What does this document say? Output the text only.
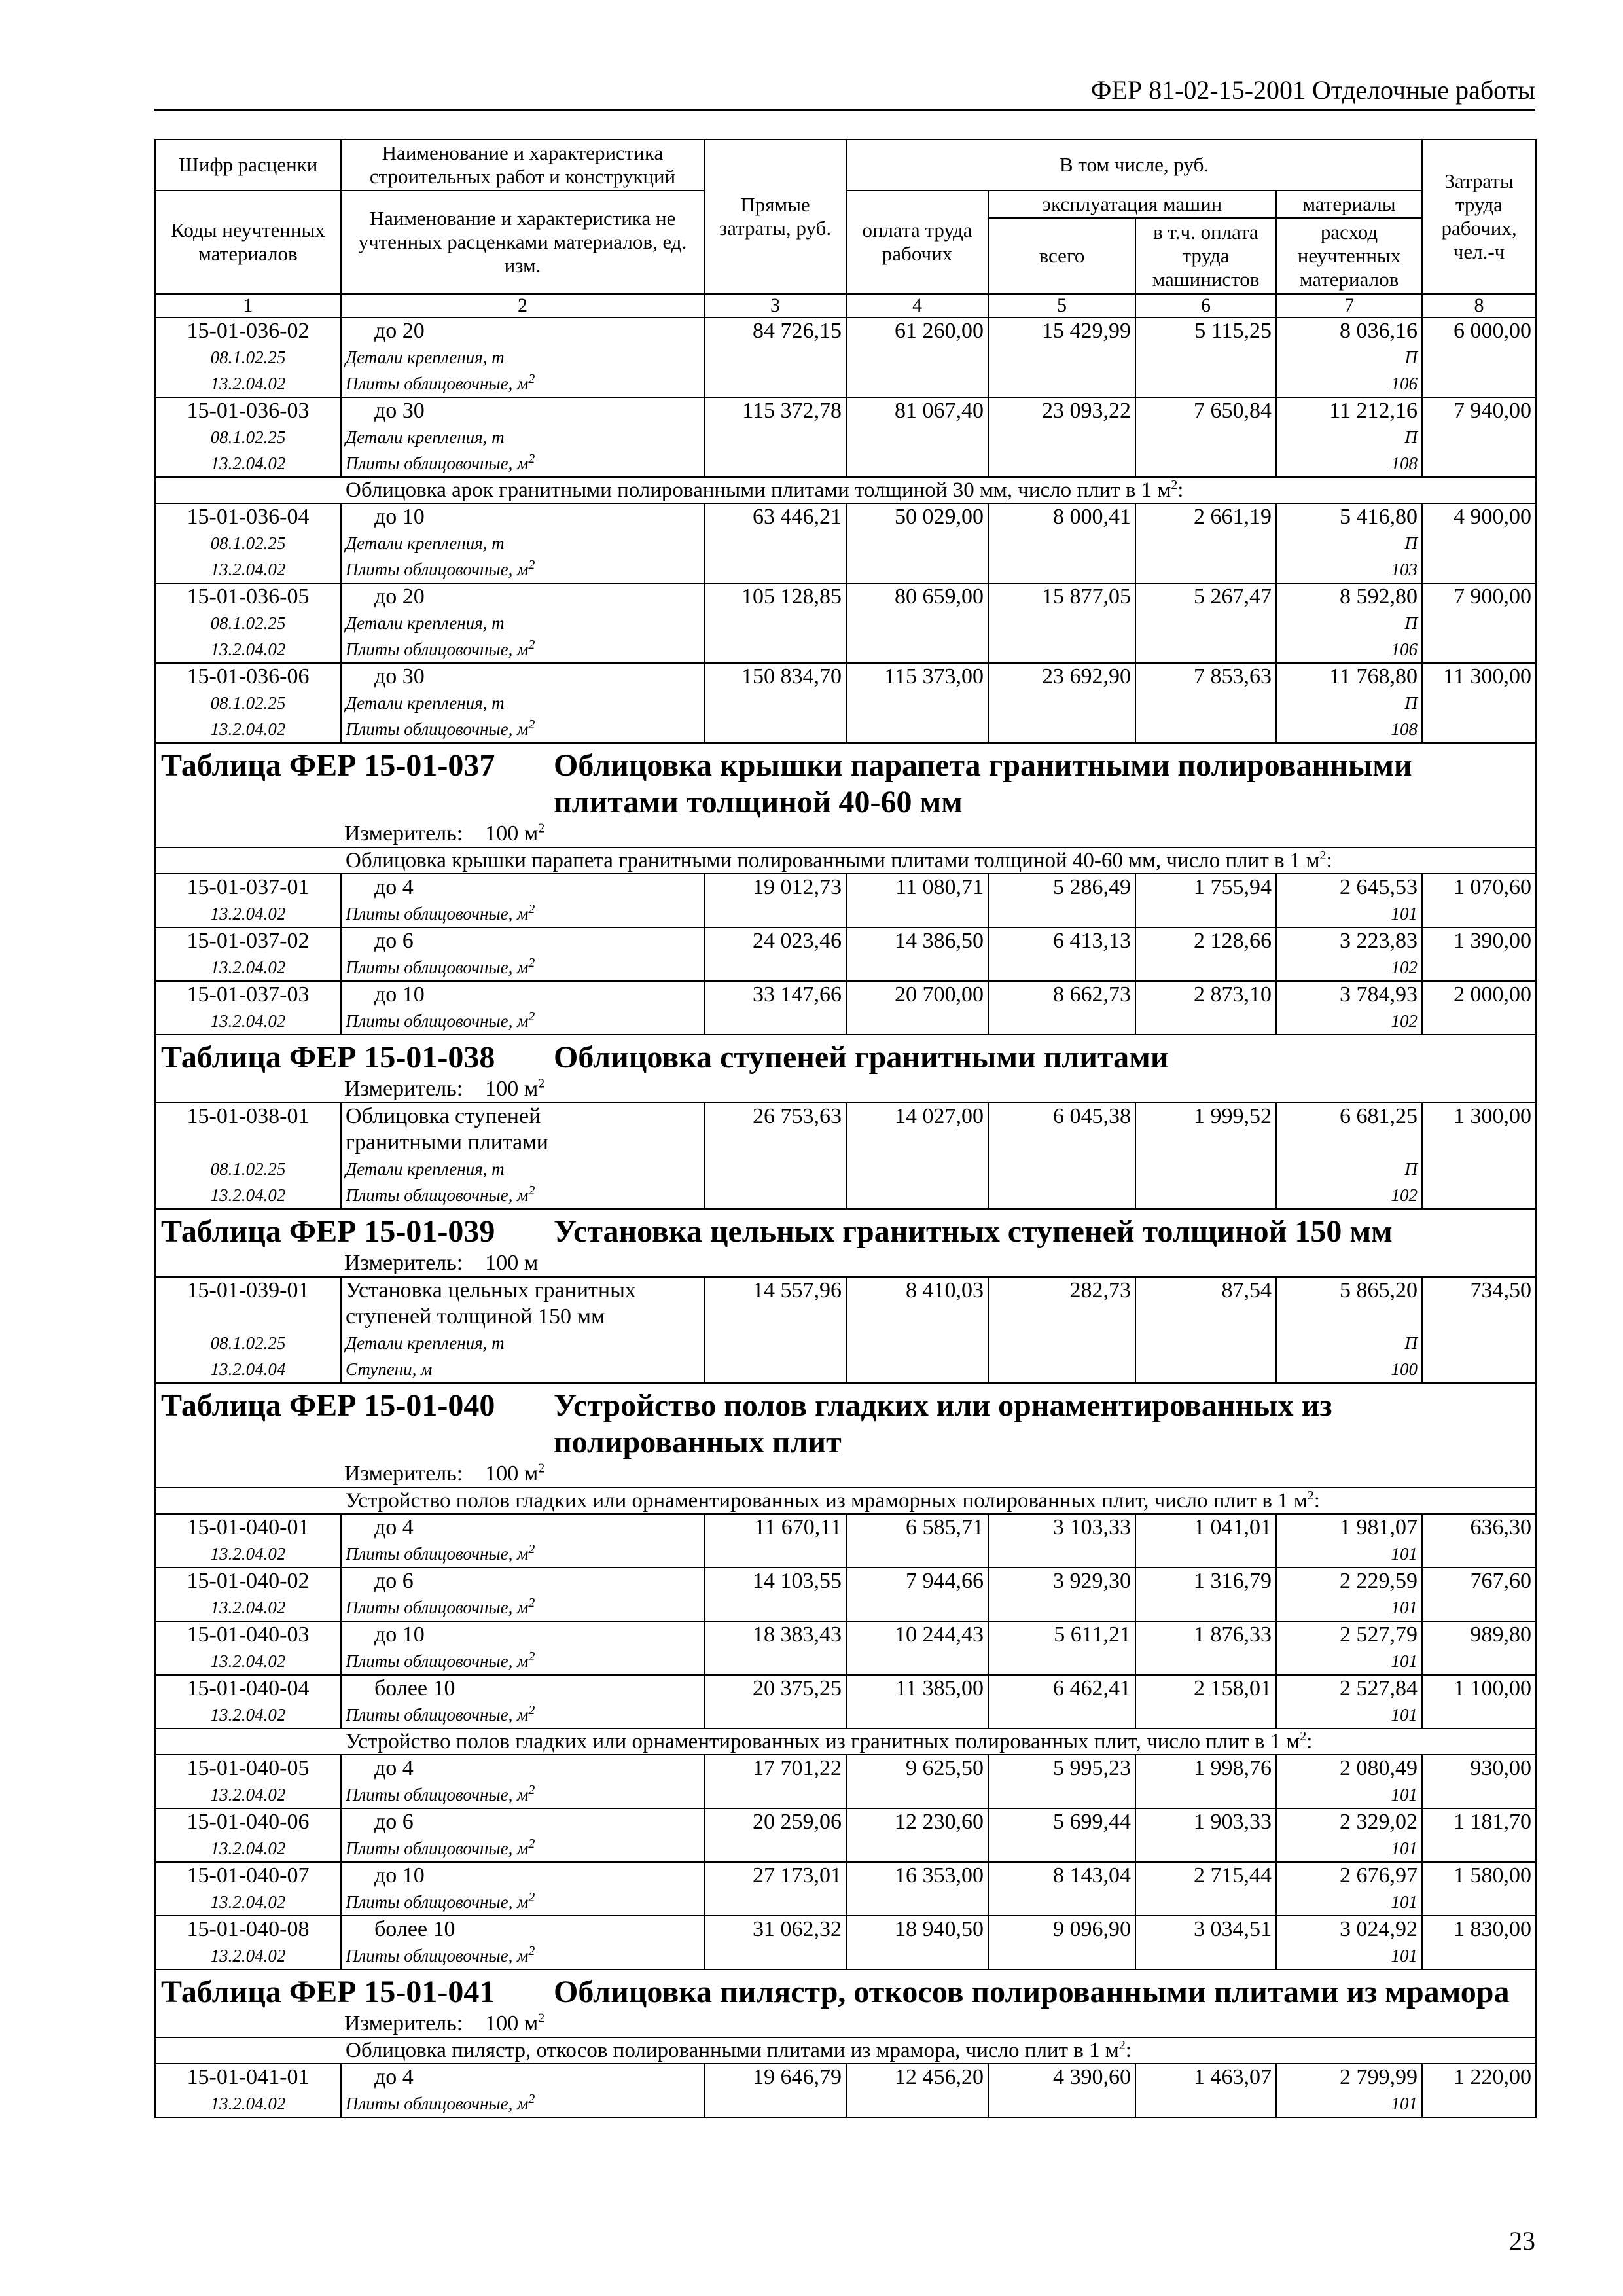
ФЕР 81-02-15-2001 Отделочные работы
Шифр расценки	Наименование и характеристика строительных работ и конструкций	Прямые затраты, руб.	В том числе, руб.				Затраты труда рабочих, чел.-ч
Коды неучтенных материалов	Наименование и характеристика не учтенных расценками материалов, ед. изм.		оплата труда рабочих	эксплуатация машин		материалы	
				всего	в т.ч. оплата труда машинистов	расход неучтенных материалов	
1	2	3	4	5	6	7	8
15-01-036-02	до 20	84 726,15	61 260,00	15 429,99	5 115,25	8 036,16	6 000,00
08.1.02.25	Детали крепления, т					П	
13.2.04.02	Плиты облицовочные, $м^2$					106	
15-01-036-03	до 30	115 372,78	81 067,40	23 093,22	7 650,84	11 212,16	7 940,00
08.1.02.25	Детали крепления, т					П	
13.2.04.02	Плиты облицовочные, $м^2$					108	
Облицовка арок гранитными полированными плитами толщиной 30 мм, число плит в 1 $м^2$:							
15-01-036-04	до 10	63 446,21	50 029,00	8 000,41	2 661,19	5 416,80	4 900,00
08.1.02.25	Детали крепления, т					П	
13.2.04.02	Плиты облицовочные, $м^2$					103	
15-01-036-05	до 20	105 128,85	80 659,00	15 877,05	5 267,47	8 592,80	7 900,00
08.1.02.25	Детали крепления, т					П	
13.2.04.02	Плиты облицовочные, $м^2$					106	
15-01-036-06	до 30	150 834,70	115 373,00	23 692,90	7 853,63	11 768,80	11 300,00
08.1.02.25	Детали крепления, т					П	
13.2.04.02	Плиты облицовочные, $м^2$					108	

Таблица ФЕР 15-01-037 Облицовка крышки парапета гранитными полированными плитами толщиной 40-60 мм
Измеритель: 100 $м^2$

Облицовка крышки парапета гранитными полированными плитами толщиной 40-60 мм, число плит в 1 $м^2$:							
15-01-037-01	до 4	19 012,73	11 080,71	5 286,49	1 755,94	2 645,53	1 070,60
13.2.04.02	Плиты облицовочные, $м^2$					101	
15-01-037-02	до 6	24 023,46	14 386,50	6 413,13	2 128,66	3 223,83	1 390,00
13.2.04.02	Плиты облицовочные, $м^2$					102	
15-01-037-03	до 10	33 147,66	20 700,00	8 662,73	2 873,10	3 784,93	2 000,00
13.2.04.02	Плиты облицовочные, $м^2$					102	

Таблица ФЕР 15-01-038 Облицовка ступеней гранитными плитами
Измеритель: 100 $м^2$

15-01-038-01	Облицовка ступеней	26 753,63	14 027,00	6 045,38	1 999,52	6 681,25	1 300,00
	гранитными плитами						
08.1.02.25	Детали крепления, т					П	
13.2.04.02	Плиты облицовочные, $м^2$					102	

Таблица ФЕР 15-01-039 Установка цельных гранитных ступеней толщиной 150 мм
Измеритель: 100 м							

15-01-039-01	Установка цельных гранитных	14 557,96	8 410,03	282,73	87,54	5 865,20	734,50
	ступеней толщиной 150 мм						
08.1.02.25	Детали крепления, т					П	
13.2.04.04	Ступени, м					100	

Таблица ФЕР 15-01-040 Устройство полов гладких или орнаментированных из полированных плит
Измеритель: 100 $м^2$

Устройство полов гладких или орнаментированных из мраморных полированных плит, число плит в 1 $м^2$:							
15-01-040-01	до 4	11 670,11	6 585,71	3 103,33	1 041,01	1 981,07	636,30
13.2.04.02	Плиты облицовочные, $м^2$					101	
15-01-040-02	до 6	14 103,55	7 944,66	3 929,30	1 316,79	2 229,59	767,60
13.2.04.02	Плиты облицовочные, $м^2$					101	
15-01-040-03	до 10	18 383,43	10 244,43	5 611,21	1 876,33	2 527,79	989,80
13.2.04.02	Плиты облицовочные, $м^2$					101	
15-01-040-04	более 10	20 375,25	11 385,00	6 462,41	2 158,01	2 527,84	1 100,00
13.2.04.02	Плиты облицовочные, $м^2$					101	
Устройство полов гладких или орнаментированных из гранитных полированных плит, число плит в 1 $м^2$:							
15-01-040-05	до 4	17 701,22	9 625,50	5 995,23	1 998,76	2 080,49	930,00
13.2.04.02	Плиты облицовочные, $м^2$					101	
15-01-040-06	до 6	20 259,06	12 230,60	5 699,44	1 903,33	2 329,02	1 181,70
13.2.04.02	Плиты облицовочные, $м^2$					101	
15-01-040-07	до 10	27 173,01	16 353,00	8 143,04	2 715,44	2 676,97	1 580,00
13.2.04.02	Плиты облицовочные, $м^2$					101	
15-01-040-08	более 10	31 062,32	18 940,50	9 096,90	3 034,51	3 024,92	1 830,00
13.2.04.02	Плиты облицовочные, $м^2$					101	

Таблица ФЕР 15-01-041 Облицовка пилястр, откосов полированными плитами из мрамора
Измеритель: 100 $м^2$

Облицовка пилястр, откосов полированными плитами из мрамора, число плит в 1 $м^2$:							
15-01-041-01	до 4	19 646,79	12 456,20	4 390,60	1 463,07	2 799,99	1 220,00
13.2.04.02	Плиты облицовочные, $м^2$					101	
23
